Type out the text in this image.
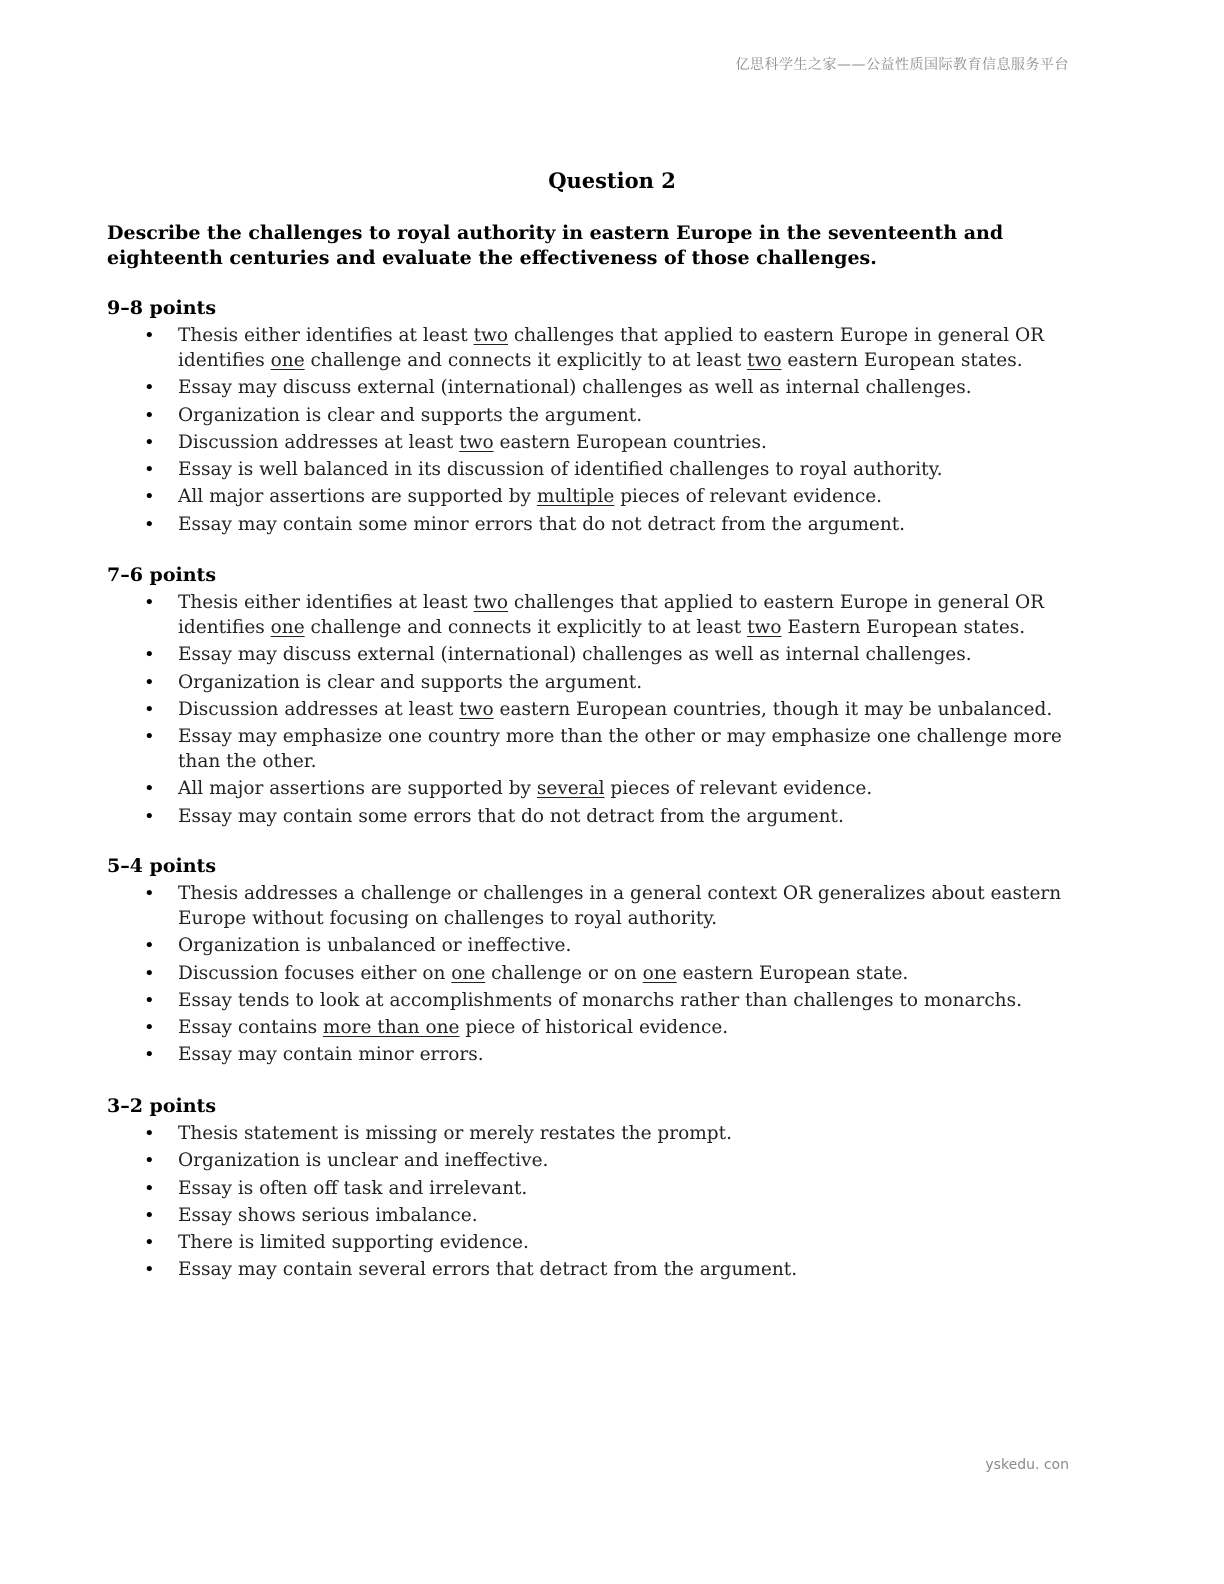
亿思科学生之家——公益性质国际教育信息服务平台
Question 2

Describe the challenges to royal authority in eastern Europe in the seventeenth and eighteenth centuries and evaluate the effectiveness of those challenges.

9–8 points
• Thesis either identifies at least two challenges that applied to eastern Europe in general OR identifies one challenge and connects it explicitly to at least two eastern European states.
• Essay may discuss external (international) challenges as well as internal challenges.
• Organization is clear and supports the argument.
• Discussion addresses at least two eastern European countries.
• Essay is well balanced in its discussion of identified challenges to royal authority.
• All major assertions are supported by multiple pieces of relevant evidence.
• Essay may contain some minor errors that do not detract from the argument.
7–6 points
• Thesis either identifies at least two challenges that applied to eastern Europe in general OR identifies one challenge and connects it explicitly to at least two Eastern European states.
• Essay may discuss external (international) challenges as well as internal challenges.
• Organization is clear and supports the argument.
• Discussion addresses at least two eastern European countries, though it may be unbalanced.
• Essay may emphasize one country more than the other or may emphasize one challenge more than the other.
• All major assertions are supported by several pieces of relevant evidence.
• Essay may contain some errors that do not detract from the argument.
5–4 points
• Thesis addresses a challenge or challenges in a general context OR generalizes about eastern Europe without focusing on challenges to royal authority.
• Organization is unbalanced or ineffective.
• Discussion focuses either on one challenge or on one eastern European state.
• Essay tends to look at accomplishments of monarchs rather than challenges to monarchs.
• Essay contains more than one piece of historical evidence.
• Essay may contain minor errors.
3–2 points
• Thesis statement is missing or merely restates the prompt.
• Organization is unclear and ineffective.
• Essay is often off task and irrelevant.
• Essay shows serious imbalance.
• There is limited supporting evidence.
• Essay may contain several errors that detract from the argument.
yskedu. con
